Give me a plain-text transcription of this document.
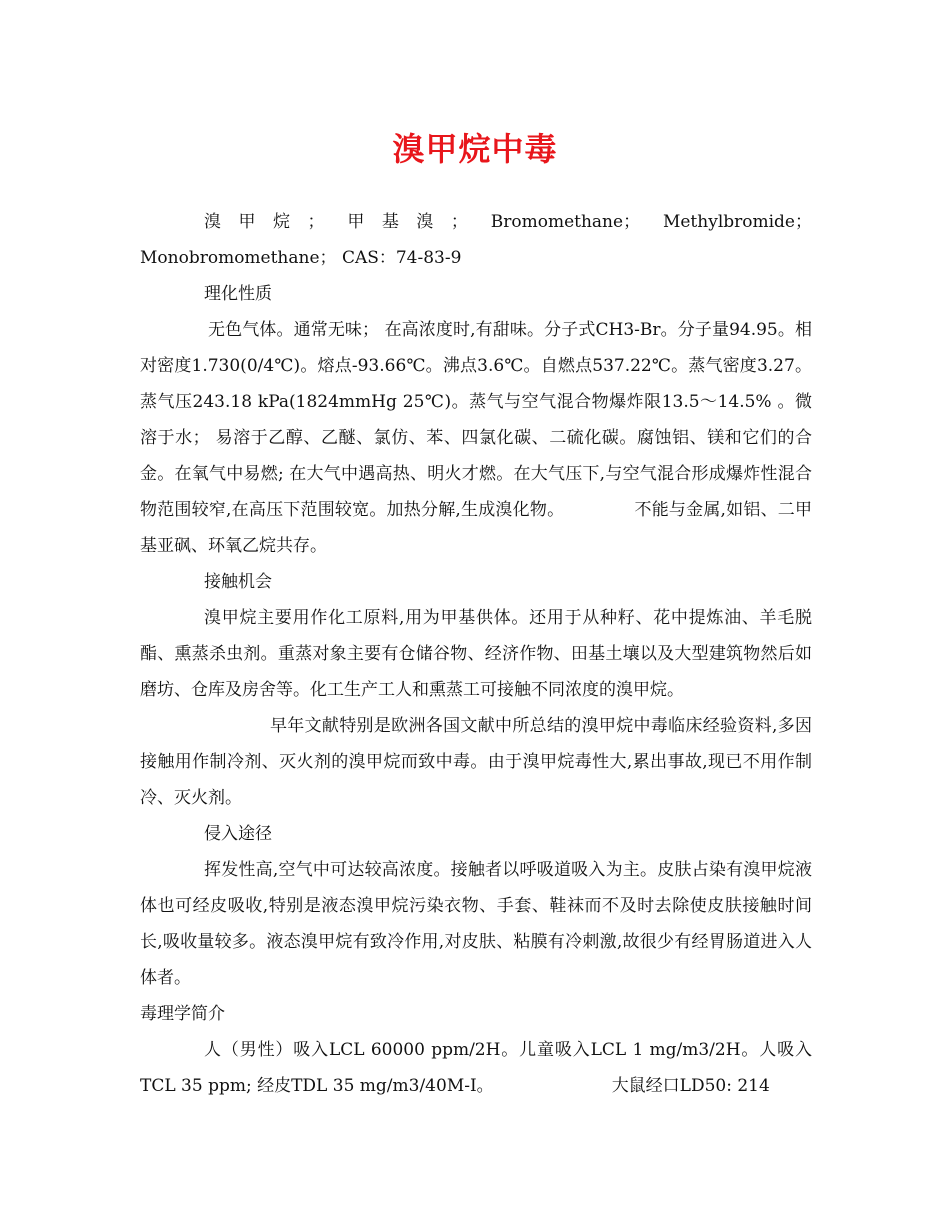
溴甲烷中毒

溴甲烷； 甲基溴； Bromomethane； Methylbromide； Monobromomethane； CAS：74-83-9

理化性质

无色气体。通常无味； 在高浓度时,有甜味。分子式CH3-Br。分子量94.95。相对密度1.730(0/4℃)。熔点-93.66℃。沸点3.6℃。自燃点537.22℃。蒸气密度3.27。蒸气压243.18 kPa(1824mmHg 25℃)。蒸气与空气混合物爆炸限13.5～14.5% 。微溶于水； 易溶于乙醇、乙醚、氯仿、苯、四氯化碳、二硫化碳。腐蚀铝、镁和它们的合金。在氧气中易燃; 在大气中遇高热、明火才燃。在大气压下,与空气混合形成爆炸性混合物范围较窄,在高压下范围较宽。加热分解,生成溴化物。	不能与金属,如铝、二甲基亚砜、环氧乙烷共存。

接触机会

溴甲烷主要用作化工原料,用为甲基供体。还用于从种籽、花中提炼油、羊毛脱酯、熏蒸杀虫剂。重蒸对象主要有仓储谷物、经济作物、田基土壤以及大型建筑物然后如磨坊、仓库及房舍等。化工生产工人和熏蒸工可接触不同浓度的溴甲烷。

早年文献特别是欧洲各国文献中所总结的溴甲烷中毒临床经验资料,多因接触用作制冷剂、灭火剂的溴甲烷而致中毒。由于溴甲烷毒性大,累出事故,现已不用作制冷、灭火剂。

侵入途径

挥发性高,空气中可达较高浓度。接触者以呼吸道吸入为主。皮肤占染有溴甲烷液体也可经皮吸收,特别是液态溴甲烷污染衣物、手套、鞋袜而不及时去除使皮肤接触时间长,吸收量较多。液态溴甲烷有致冷作用,对皮肤、粘膜有冷刺激,故很少有经胃肠道进入人体者。

毒理学简介

人（男性）吸入LCL 60000 ppm/2H。儿童吸入LCL 1 mg/m3/2H。人吸入TCL 35 ppm; 经皮TDL 35 mg/m3/40M-I。	大鼠经口LD50: 214
